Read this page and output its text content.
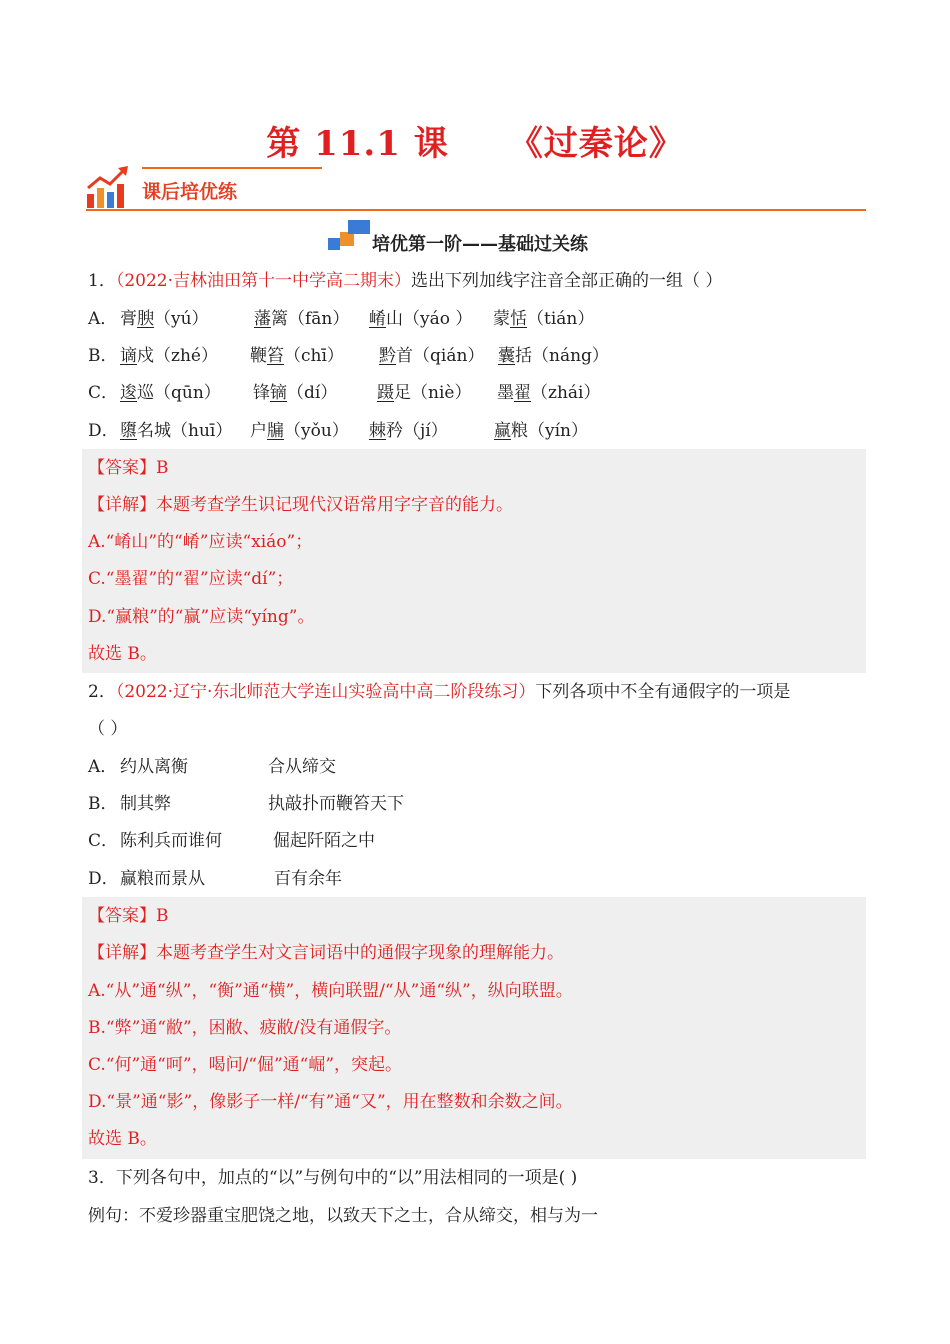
第 11.1 课 《过秦论》
课后培优练
培优第一阶——基础过关练
1．（2022·吉林油田第十一中学高二期末）选出下列加线字注音全部正确的一组（ ）
A． 膏腴（yú）	藩篱（fān） 崤山（yáo ） 蒙恬（tián）
B． 谪戍（zhé） 鞭笞（chī） 黔首（qián） 囊括（náng）
C． 逡巡（qūn） 锋镝（dí） 蹑足（niè） 墨翟（zhái）
D． 隳名城（huī） 户牖（yǒu） 棘矜（jí）	赢粮（yín）
【答案】B
【详解】本题考查学生识记现代汉语常用字字音的能力。
A.“崤山”的“崤”应读“xiáo”；
C.“墨翟”的“翟”应读“dí”；
D.“赢粮”的“赢”应读“yíng”。
故选 B。
2．（2022·辽宁·东北师范大学连山实验高中高二阶段练习）下列各项中不全有通假字的一项是
（ ）
A． 约从离衡	合从缔交
B． 制其弊	执敲扑而鞭笞天下
C． 陈利兵而谁何	倔起阡陌之中
D． 赢粮而景从	百有余年
【答案】B
【详解】本题考查学生对文言词语中的通假字现象的理解能力。
A.“从”通“纵”，“衡”通“横”，横向联盟/“从”通“纵”，纵向联盟。
B.“弊”通“敝”，困敝、疲敝/没有通假字。
C.“何”通“呵”，喝问/“倔”通“崛”，突起。
D.“景”通“影”，像影子一样/“有”通“又”，用在整数和余数之间。
故选 B。
3．下列各句中，加点的“以”与例句中的“以”用法相同的一项是( )
例句：不爱珍器重宝肥饶之地，以致天下之士，合从缔交，相与为一
